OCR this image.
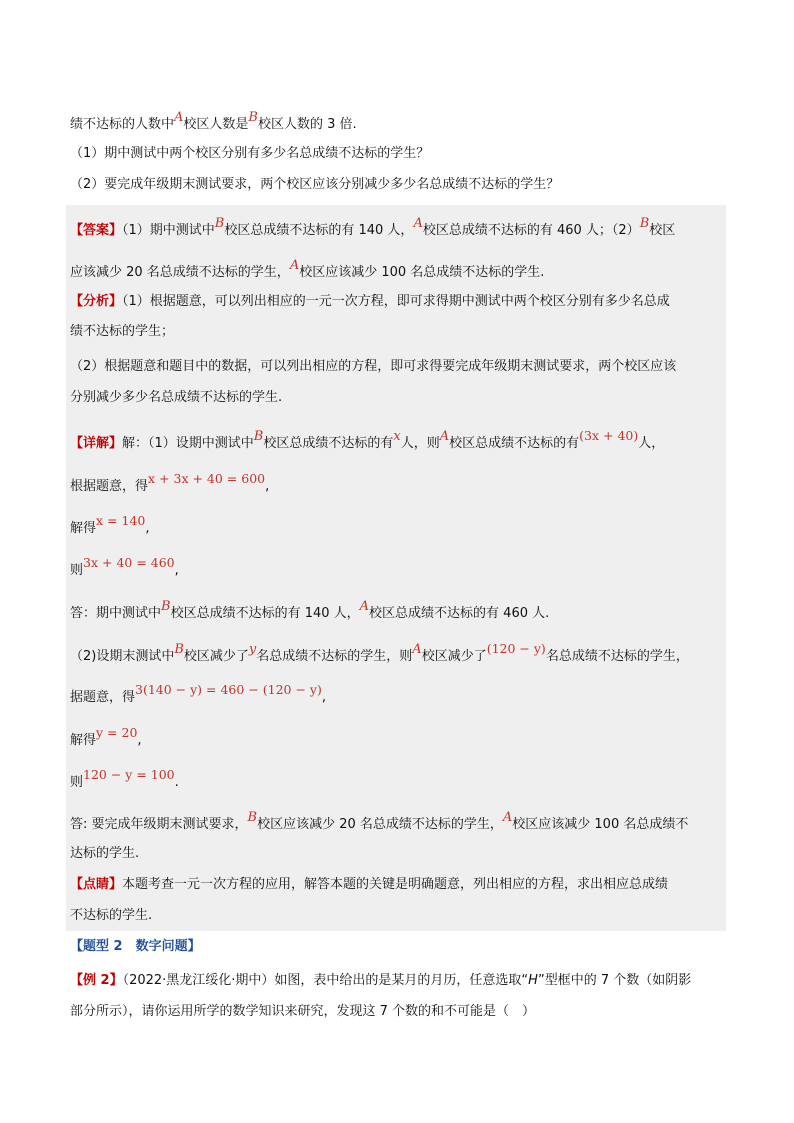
绩不达标的人数中A校区人数是B校区人数的 3 倍.
（1）期中测试中两个校区分别有多少名总成绩不达标的学生？
（2）要完成年级期末测试要求，两个校区应该分别减少多少名总成绩不达标的学生？
【答案】（1）期中测试中B校区总成绩不达标的有 140 人，A校区总成绩不达标的有 460 人；（2）B校区
应该减少 20 名总成绩不达标的学生，A校区应该减少 100 名总成绩不达标的学生.
【分析】（1）根据题意，可以列出相应的一元一次方程，即可求得期中测试中两个校区分别有多少名总成
绩不达标的学生；
（2）根据题意和题目中的数据，可以列出相应的方程，即可求得要完成年级期末测试要求，两个校区应该
分别减少多少名总成绩不达标的学生.
【详解】解：（1）设期中测试中B校区总成绩不达标的有x人，则A校区总成绩不达标的有(3x + 40)人，
根据题意，得x + 3x + 40 = 600,
解得x = 140,
则3x + 40 = 460,
答：期中测试中B校区总成绩不达标的有 140 人，A校区总成绩不达标的有 460 人.
（2)设期末测试中B校区减少了y名总成绩不达标的学生，则A校区减少了(120 − y)名总成绩不达标的学生，
据题意，得3(140 − y) = 460 − (120 − y),
解得y = 20,
则120 − y = 100.
答: 要完成年级期末测试要求，B校区应该减少 20 名总成绩不达标的学生，A校区应该减少 100 名总成绩不
达标的学生.
【点睛】本题考查一元一次方程的应用，解答本题的关键是明确题意，列出相应的方程，求出相应总成绩
不达标的学生.
【题型 2　数字问题】
【例 2】（2022·黑龙江绥化·期中）如图，表中给出的是某月的月历，任意选取“H”型框中的 7 个数（如阴影
部分所示），请你运用所学的数学知识来研究，发现这 7 个数的和不可能是（　）
